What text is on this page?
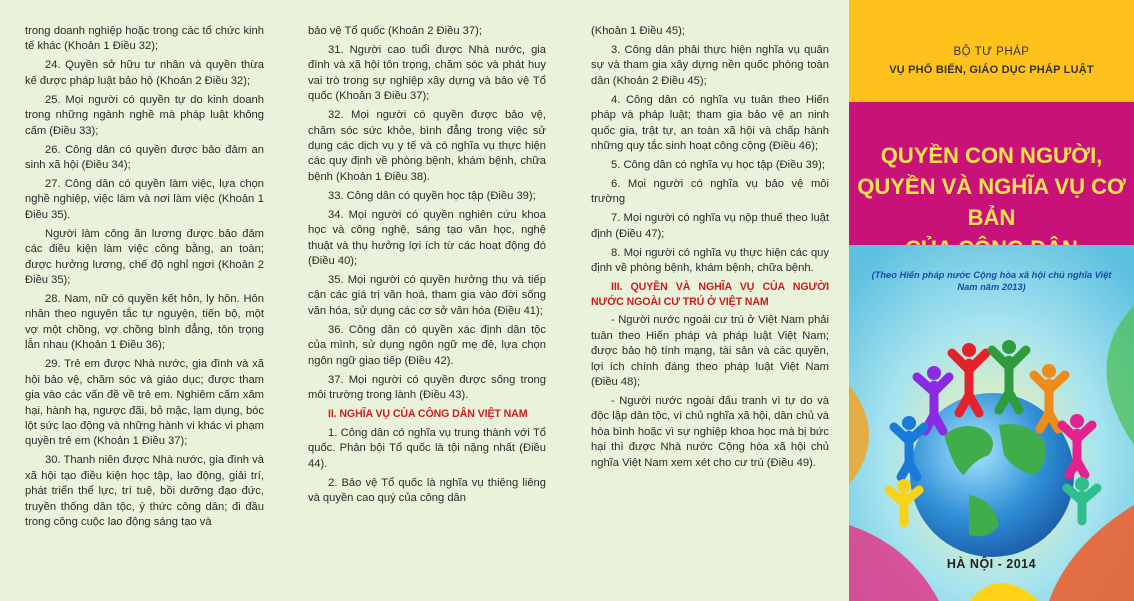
trong doanh nghiệp hoặc trong các tổ chức kinh tế khác (Khoản 1 Điều 32);

24. Quyền sở hữu tư nhân và quyền thừa kế được pháp luật bảo hộ (Khoản 2 Điều 32);

25. Mọi người có quyền tự do kinh doanh trong những ngành nghề mà pháp luật không cấm (Điều 33);

26. Công dân có quyền được bảo đảm an sinh xã hội (Điều 34);

27. Công dân có quyền làm việc, lựa chọn nghề nghiệp, việc làm và nơi làm việc (Khoản 1 Điều 35).

Người làm công ăn lương được bảo đảm các điều kiện làm việc công bằng, an toàn; được hưởng lương, chế độ nghỉ ngơi (Khoản 2 Điều 35);

28. Nam, nữ có quyền kết hôn, ly hôn. Hôn nhân theo nguyên tắc tự nguyện, tiến bộ, một vợ một chồng, vợ chồng bình đẳng, tôn trọng lẫn nhau (Khoản 1 Điều 36);

29. Trẻ em được Nhà nước, gia đình và xã hội bảo vệ, chăm sóc và giáo dục; được tham gia vào các vấn đề về trẻ em. Nghiêm cấm xâm hại, hành hạ, ngược đãi, bỏ mặc, lạm dụng, bóc lột sức lao động và những hành vi khác vi phạm quyền trẻ em (Khoản 1 Điều 37);

30. Thanh niên được Nhà nước, gia đình và xã hội tạo điều kiện học tập, lao động, giải trí, phát triển thể lực, trí tuệ, bồi dưỡng đạo đức, truyền thống dân tộc, ý thức công dân; đi đầu trong công cuộc lao động sáng tạo và

bảo vệ Tổ quốc (Khoản 2 Điều 37);

31. Người cao tuổi được Nhà nước, gia đình và xã hội tôn trọng, chăm sóc và phát huy vai trò trong sự nghiệp xây dựng và bảo vệ Tổ quốc (Khoản 3 Điều 37);

32. Mọi người có quyền được bảo vệ, chăm sóc sức khỏe, bình đẳng trong việc sử dụng các dịch vụ y tế và có nghĩa vụ thực hiện các quy định về phòng bệnh, khám bệnh, chữa bệnh (Khoản 1 Điều 38).

33. Công dân có quyền học tập (Điều 39);

34. Mọi người có quyền nghiên cứu khoa học và công nghệ, sáng tạo văn học, nghệ thuật và thụ hưởng lợi ích từ các hoạt động đó (Điều 40);

35. Mọi người có quyền hưởng thụ và tiếp cận các giá trị văn hoá, tham gia vào đời sống văn hóa, sử dụng các cơ sở văn hóa (Điều 41);

36. Công dân có quyền xác định dân tộc của mình, sử dụng ngôn ngữ mẹ đẻ, lựa chọn ngôn ngữ giao tiếp (Điều 42).

37. Mọi người có quyền được sống trong môi trường trong lành (Điều 43).

II. NGHĨA VỤ CỦA CÔNG DÂN VIỆT NAM

1. Công dân có nghĩa vụ trung thành với Tổ quốc. Phản bội Tổ quốc là tội nặng nhất (Điều 44).

2. Bảo vệ Tổ quốc là nghĩa vụ thiêng liêng và quyền cao quý của công dân

(Khoản 1 Điều 45);

3. Công dân phải thực hiện nghĩa vụ quân sự và tham gia xây dựng nền quốc phòng toàn dân (Khoản 2 Điều 45);

4. Công dân có nghĩa vụ tuân theo Hiến pháp và pháp luật; tham gia bảo vệ an ninh quốc gia, trật tự, an toàn xã hội và chấp hành những quy tắc sinh hoạt công cộng (Điều 46);

5. Công dân có nghĩa vụ học tập (Điều 39);

6. Mọi người có nghĩa vụ bảo vệ môi trường

7. Mọi người có nghĩa vụ nộp thuế theo luật định (Điều 47);

8. Mọi người có nghĩa vụ thực hiện các quy định về phòng bệnh, khám bệnh, chữa bệnh.

III. QUYỀN VÀ NGHĨA VỤ CỦA NGƯỜI NƯỚC NGOÀI CƯ TRÚ Ở VIỆT NAM

- Người nước ngoài cư trú ở Việt Nam phải tuân theo Hiến pháp và pháp luật Việt Nam; được bảo hộ tính mạng, tài sản và các quyền, lợi ích chính đáng theo pháp luật Việt Nam (Điều 48);

- Người nước ngoài đấu tranh vì tự do và độc lập dân tộc, vì chủ nghĩa xã hội, dân chủ và hòa bình hoặc vì sự nghiệp khoa học mà bị bức hại thì được Nhà nước Cộng hòa xã hội chủ nghĩa Việt Nam xem xét cho cư trú (Điều 49).

BỘ TƯ PHÁP
VỤ PHỔ BIẾN, GIÁO DỤC PHÁP LUẬT
QUYỀN CON NGƯỜI,
QUYỀN VÀ NGHĨA VỤ CƠ BẢN
(Theo Hiến pháp nước Cộng hòa xã hội chủ nghĩa Việt Nam năm 2013)
HÀ NỘI - 2014
